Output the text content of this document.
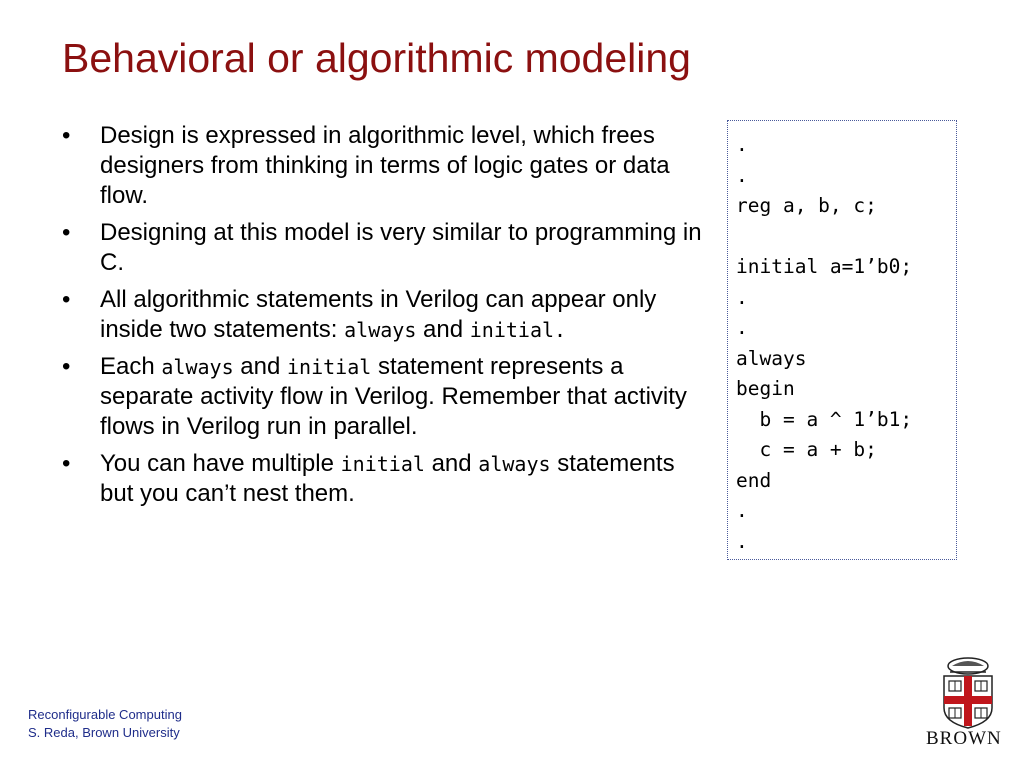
Behavioral or algorithmic modeling
• Design is expressed in algorithmic level, which frees designers from thinking in terms of logic gates or data flow.
• Designing at this model is very similar to programming in C.
• All algorithmic statements in Verilog can appear only inside two statements: always and initial.
• Each always and initial statement represents a separate activity flow in Verilog. Remember that activity flows in Verilog run in parallel.
• You can have multiple initial and always statements but you can’t nest them.
.
.
reg a, b, c;

initial a=1’b0;
.
.
always
begin
b = a ^ 1’b1;
c = a + b;
end
.
.
Reconfigurable Computing
S. Reda, Brown University	BROWN
